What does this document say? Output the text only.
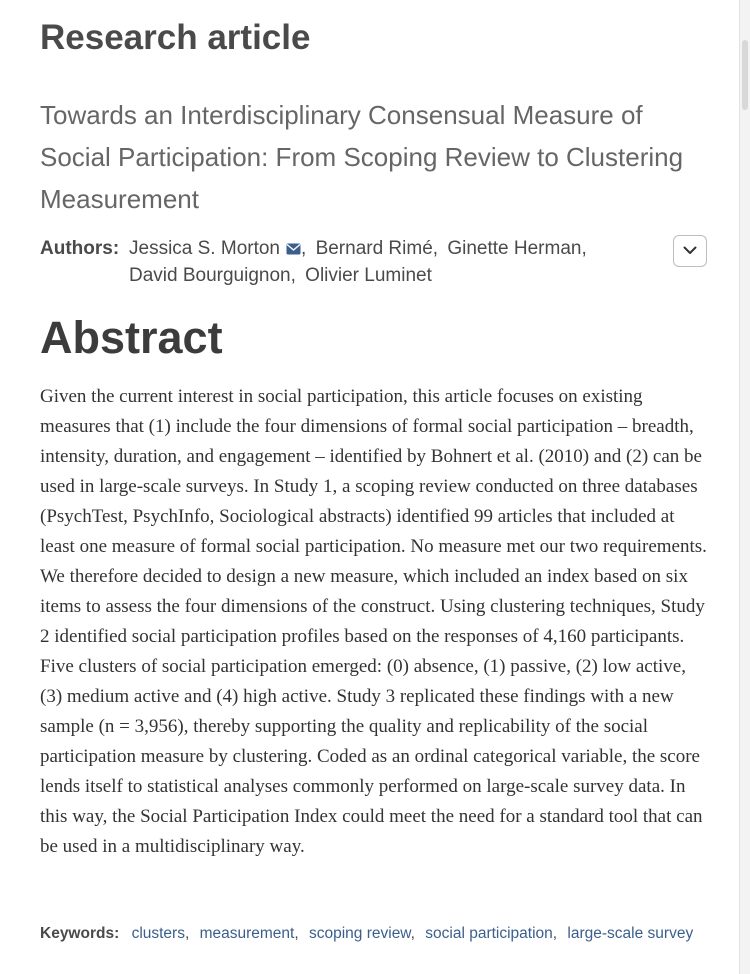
Research article
Towards an Interdisciplinary Consensual Measure of Social Participation: From Scoping Review to Clustering Measurement
Authors: Jessica S. Morton , Bernard Rimé, Ginette Herman, David Bourguignon, Olivier Luminet
Abstract

Given the current interest in social participation, this article focuses on existing measures that (1) include the four dimensions of formal social participation – breadth, intensity, duration, and engagement – identified by Bohnert et al. (2010) and (2) can be used in large-scale surveys. In Study 1, a scoping review conducted on three databases (PsychTest, PsychInfo, Sociological abstracts) identified 99 articles that included at least one measure of formal social participation. No measure met our two requirements. We therefore decided to design a new measure, which included an index based on six items to assess the four dimensions of the construct. Using clustering techniques, Study 2 identified social participation profiles based on the responses of 4,160 participants. Five clusters of social participation emerged: (0) absence, (1) passive, (2) low active, (3) medium active and (4) high active. Study 3 replicated these findings with a new sample (n = 3,956), thereby supporting the quality and replicability of the social participation measure by clustering. Coded as an ordinal categorical variable, the score lends itself to statistical analyses commonly performed on large-scale survey data. In this way, the Social Participation Index could meet the need for a standard tool that can be used in a multidisciplinary way.

Keywords: clusters, measurement, scoping review, social participation, large-scale survey
